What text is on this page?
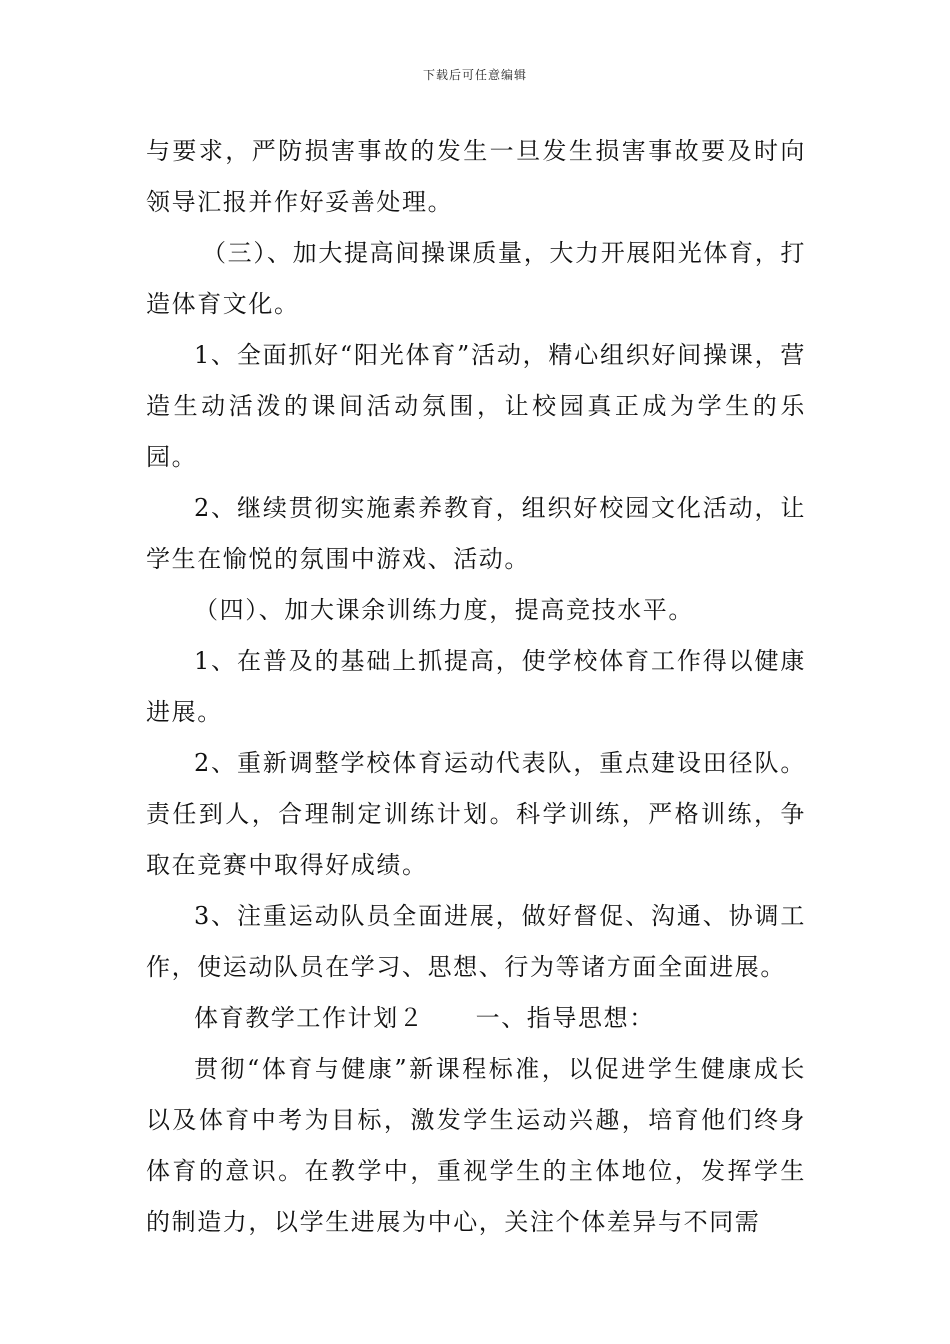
下载后可任意编辑

与要求，严防损害事故的发生一旦发生损害事故要及时向领导汇报并作好妥善处理。

（三）、加大提高间操课质量，大力开展阳光体育，打造体育文化。

1、全面抓好“阳光体育”活动，精心组织好间操课，营造生动活泼的课间活动氛围，让校园真正成为学生的乐园。

2、继续贯彻实施素养教育，组织好校园文化活动，让学生在愉悦的氛围中游戏、活动。

（四）、加大课余训练力度，提高竞技水平。

1、在普及的基础上抓提高，使学校体育工作得以健康进展。

2、重新调整学校体育运动代表队，重点建设田径队。责任到人，合理制定训练计划。科学训练，严格训练，争取在竞赛中取得好成绩。

3、注重运动队员全面进展，做好督促、沟通、协调工作，使运动队员在学习、思想、行为等诸方面全面进展。

体育教学工作计划２　　一、指导思想：

贯彻“体育与健康”新课程标准，以促进学生健康成长以及体育中考为目标，激发学生运动兴趣，培育他们终身体育的意识。在教学中，重视学生的主体地位，发挥学生的制造力，以学生进展为中心，关注个体差异与不同需
